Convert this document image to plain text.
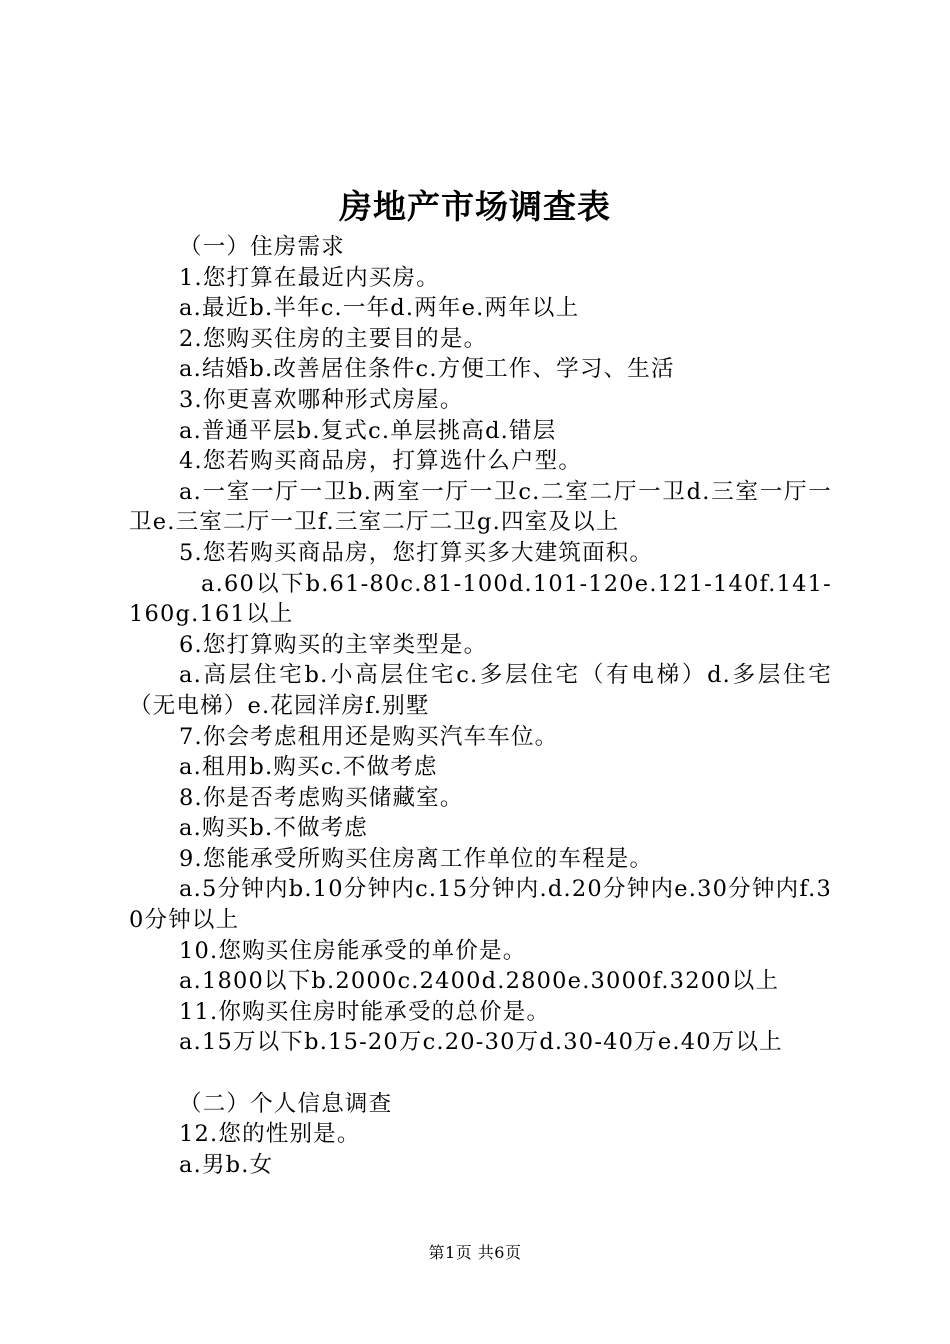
房地产市场调查表
（一）住房需求
1.您打算在最近内买房。
a.最近b.半年c.一年d.两年e.两年以上
2.您购买住房的主要目的是。
a.结婚b.改善居住条件c.方便工作、学习、生活
3.你更喜欢哪种形式房屋。
a.普通平层b.复式c.单层挑高d.错层
4.您若购买商品房，打算选什么户型。
a.一室一厅一卫b.两室一厅一卫c.二室二厅一卫d.三室一厅一卫e.三室二厅一卫f.三室二厅二卫g.四室及以上
5.您若购买商品房，您打算买多大建筑面积。
a.60以下b.61-80c.81-100d.101-120e.121-140f.141-160g.161以上
6.您打算购买的主宰类型是。
a.高层住宅b.小高层住宅c.多层住宅（有电梯）d.多层住宅（无电梯）e.花园洋房f.别墅
7.你会考虑租用还是购买汽车车位。
a.租用b.购买c.不做考虑
8.你是否考虑购买储藏室。
a.购买b.不做考虑
9.您能承受所购买住房离工作单位的车程是。
a.5分钟内b.10分钟内c.15分钟内.d.20分钟内e.30分钟内f.30分钟以上
10.您购买住房能承受的单价是。
a.1800以下b.2000c.2400d.2800e.3000f.3200以上
11.你购买住房时能承受的总价是。
a.15万以下b.15-20万c.20-30万d.30-40万e.40万以上
（二）个人信息调查
12.您的性别是。
a.男b.女
第1页 共6页
